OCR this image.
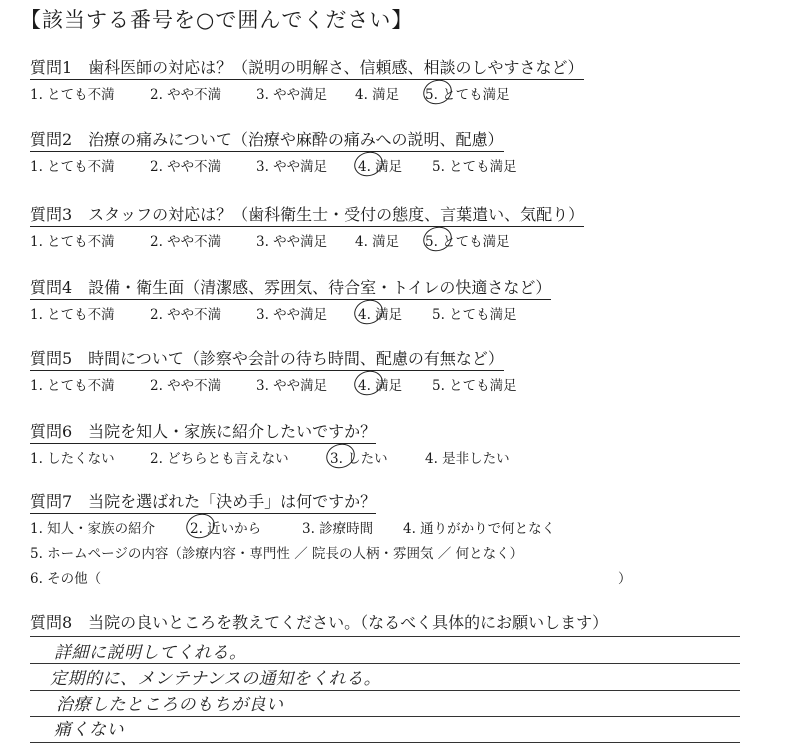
【該当する番号を○で囲んでください】
質問1　歯科医師の対応は？（説明の明解さ、信頼感、相談のしやすさなど）
1. とても不満	2. やや不満	3. やや満足 4. 満足 5. とても満足
質問2　治療の痛みについて（治療や麻酔の痛みへの説明、配慮）
1. とても不満	2. やや不満	3. やや満足 4. 満足 5. とても満足
質問3　スタッフの対応は？（歯科衛生士・受付の態度、言葉遣い、気配り）
1. とても不満	2. やや不満	3. やや満足 4. 満足 5. とても満足
質問4　設備・衛生面（清潔感、雰囲気、待合室・トイレの快適さなど）
1. とても不満	2. やや不満	3. やや満足 4. 満足 5. とても満足
質問5　時間について（診察や会計の待ち時間、配慮の有無など）
1. とても不満	2. やや不満	3. やや満足 4. 満足 5. とても満足
質問6　当院を知人・家族に紹介したいですか？
1. したくない	2. どちらとも言えない	3. したい	4. 是非したい
質問7　当院を選ばれた「決め手」は何ですか？
1. 知人・家族の紹介	2. 近いから	3. 診療時間 4. 通りがかりで何となく
5. ホームページの内容（診療内容・専門性 ／ 院長の人柄・雰囲気 ／ 何となく）
6. その他（	）
質問8　当院の良いところを教えてください。（なるべく具体的にお願いします）
詳細に説明してくれる。
定期的に、メンテナンスの通知をくれる。
治療したところのもちが良い
痛くない
